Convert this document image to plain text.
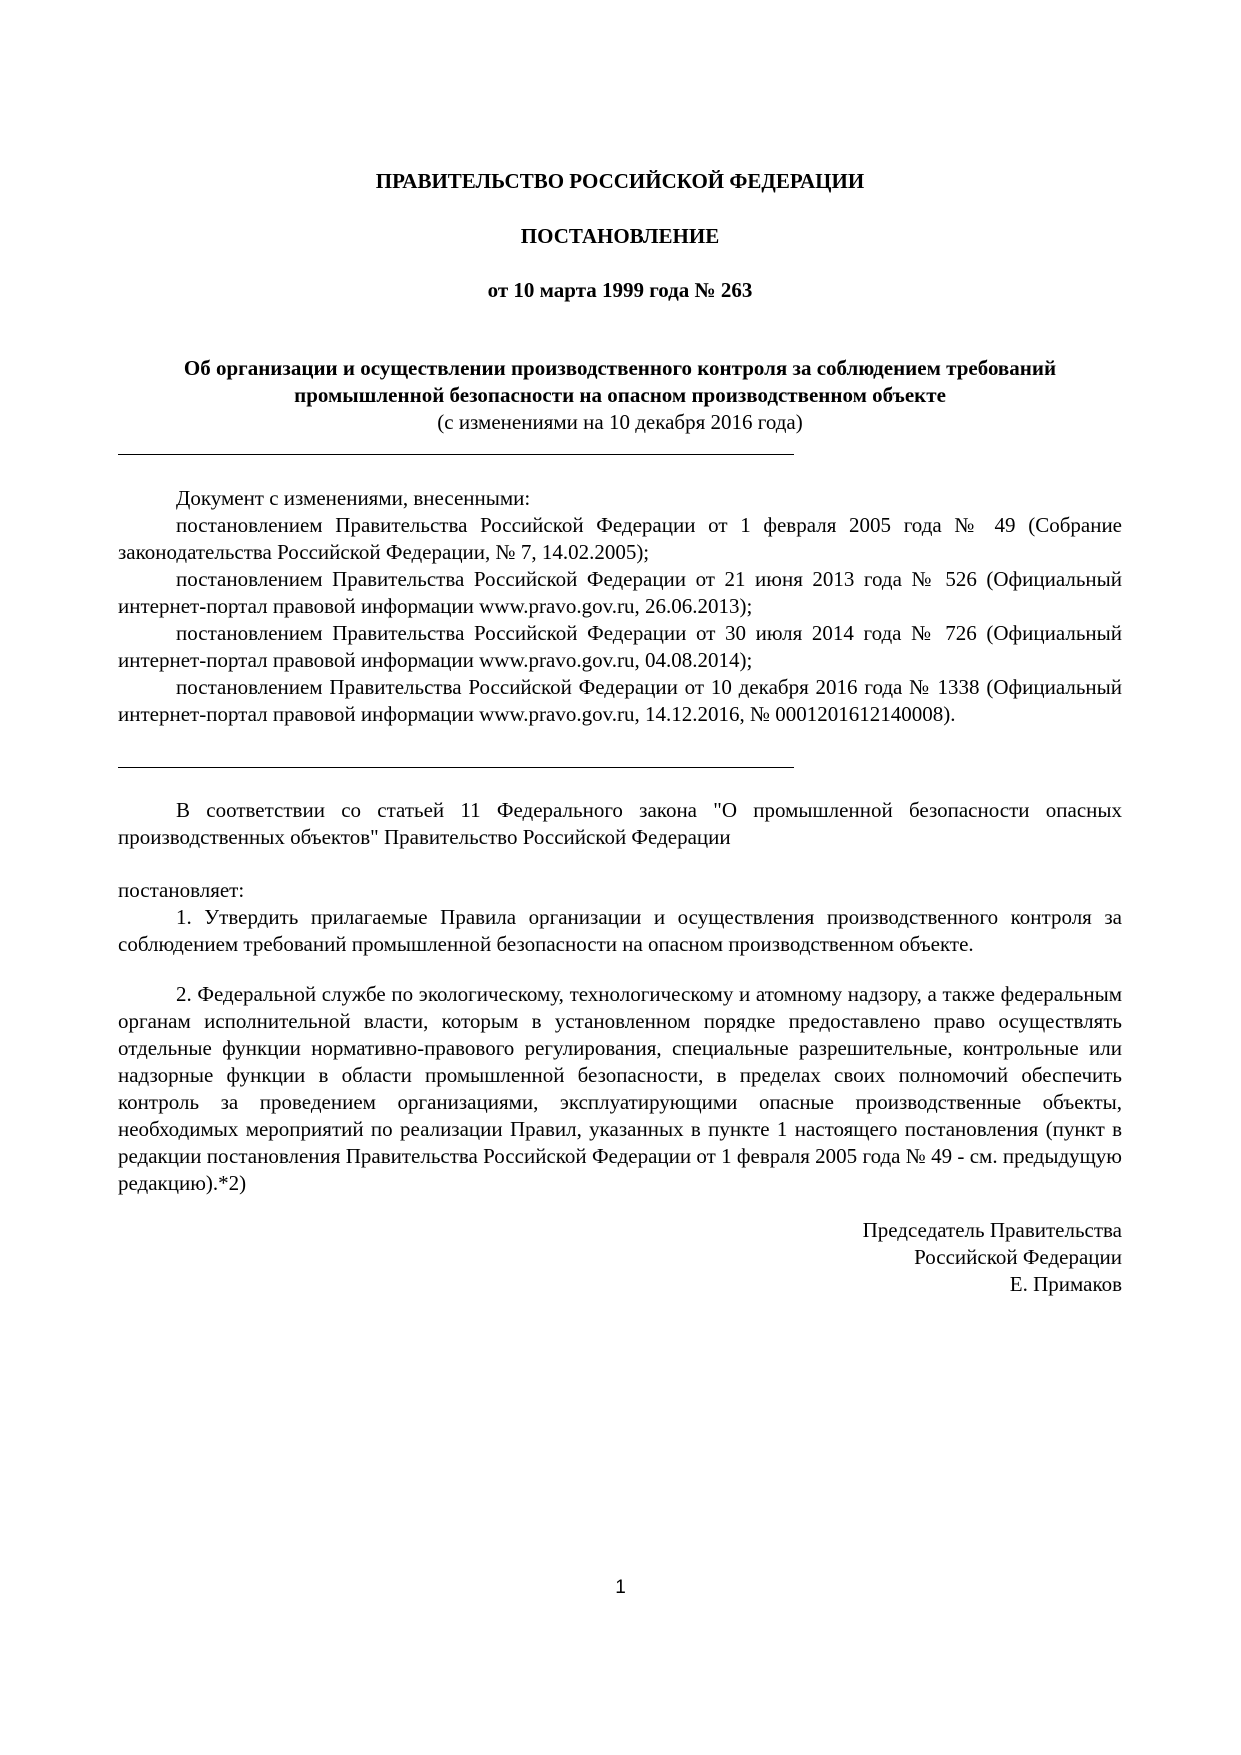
ПРАВИТЕЛЬСТВО РОССИЙСКОЙ ФЕДЕРАЦИИ
ПОСТАНОВЛЕНИЕ
от 10 марта 1999 года № 263

Об организации и осуществлении производственного контроля за соблюдением требований

промышленной безопасности на опасном производственном объекте

(с изменениями на 10 декабря 2016 года)

Документ с изменениями, внесенными:

постановлением Правительства Российской Федерации от 1 февраля 2005 года № 49 (Собрание законодательства Российской Федерации, № 7, 14.02.2005);

постановлением Правительства Российской Федерации от 21 июня 2013 года № 526 (Официальный интернет-портал правовой информации www.pravo.gov.ru, 26.06.2013);

постановлением Правительства Российской Федерации от 30 июля 2014 года № 726 (Официальный интернет-портал правовой информации www.pravo.gov.ru, 04.08.2014);

постановлением Правительства Российской Федерации от 10 декабря 2016 года № 1338 (Официальный интернет-портал правовой информации www.pravo.gov.ru, 14.12.2016, № 0001201612140008).

В соответствии со статьей 11 Федерального закона "О промышленной безопасности опасных производственных объектов" Правительство Российской Федерации
постановляет:
1. Утвердить прилагаемые Правила организации и осуществления производственного контроля за соблюдением требований промышленной безопасности на опасном производственном объекте.
2. Федеральной службе по экологическому, технологическому и атомному надзору, а также федеральным органам исполнительной власти, которым в установленном порядке предоставлено право осуществлять отдельные функции нормативно-правового регулирования, специальные разрешительные, контрольные или надзорные функции в области промышленной безопасности, в пределах своих полномочий обеспечить контроль за проведением организациями, эксплуатирующими опасные производственные объекты, необходимых мероприятий по реализации Правил, указанных в пункте 1 настоящего постановления (пункт в редакции постановления Правительства Российской Федерации от 1 февраля 2005 года № 49 - см. предыдущую редакцию).*2)

Председатель Правительства

Российской Федерации

Е. Примаков

1
